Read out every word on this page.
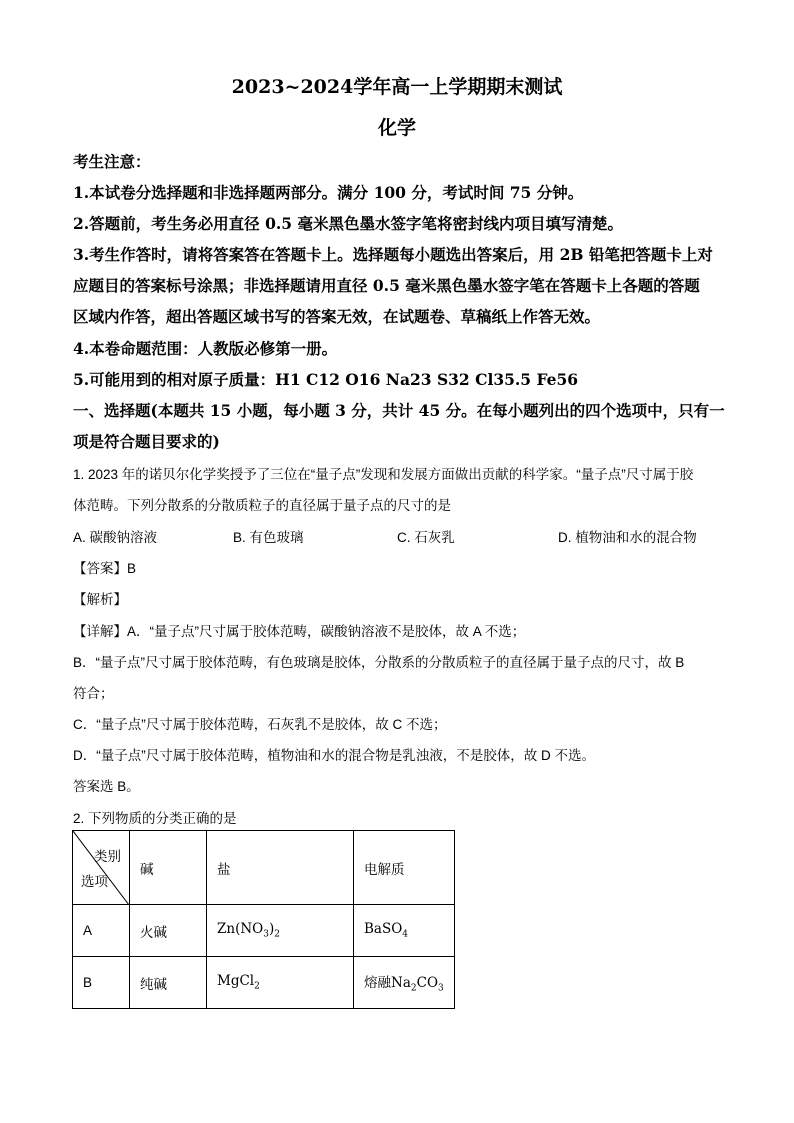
2023~2024学年高一上学期期末测试
化学
考生注意：
1.本试卷分选择题和非选择题两部分。满分 100 分，考试时间 75 分钟。
2.答题前，考生务必用直径 0.5 毫米黑色墨水签字笔将密封线内项目填写清楚。
3.考生作答时，请将答案答在答题卡上。选择题每小题选出答案后，用 2B 铅笔把答题卡上对
应题目的答案标号涂黑；非选择题请用直径 0.5 毫米黑色墨水签字笔在答题卡上各题的答题
区域内作答，超出答题区域书写的答案无效，在试题卷、草稿纸上作答无效。
4.本卷命题范围：人教版必修第一册。
5.可能用到的相对原子质量：H1 C12 O16 Na23 S32 Cl35.5 Fe56
一、选择题(本题共 15 小题，每小题 3 分，共计 45 分。在每小题列出的四个选项中，只有一
项是符合题目要求的)
1. 2023 年的诺贝尔化学奖授予了三位在“量子点”发现和发展方面做出贡献的科学家。“量子点”尺寸属于胶
体范畴。下列分散系的分散质粒子的直径属于量子点的尺寸的是
A. 碳酸钠溶液	B. 有色玻璃	C. 石灰乳	D. 植物油和水的混合物
【答案】B
【解析】
【详解】A．“量子点”尺寸属于胶体范畴，碳酸钠溶液不是胶体，故 A 不选；
B．“量子点”尺寸属于胶体范畴，有色玻璃是胶体，分散系的分散质粒子的直径属于量子点的尺寸，故 B
符合；
C．“量子点”尺寸属于胶体范畴，石灰乳不是胶体，故 C 不选；
D．“量子点”尺寸属于胶体范畴，植物油和水的混合物是乳浊液，不是胶体，故 D 不选。
答案选 B。
2. 下列物质的分类正确的是
类别
选项	碱	盐	电解质
A	火碱	$Zn(NO_3)_2$	BaSO$_4$
B	纯碱	MgCl$_2$	熔融$Na_2CO_3$
